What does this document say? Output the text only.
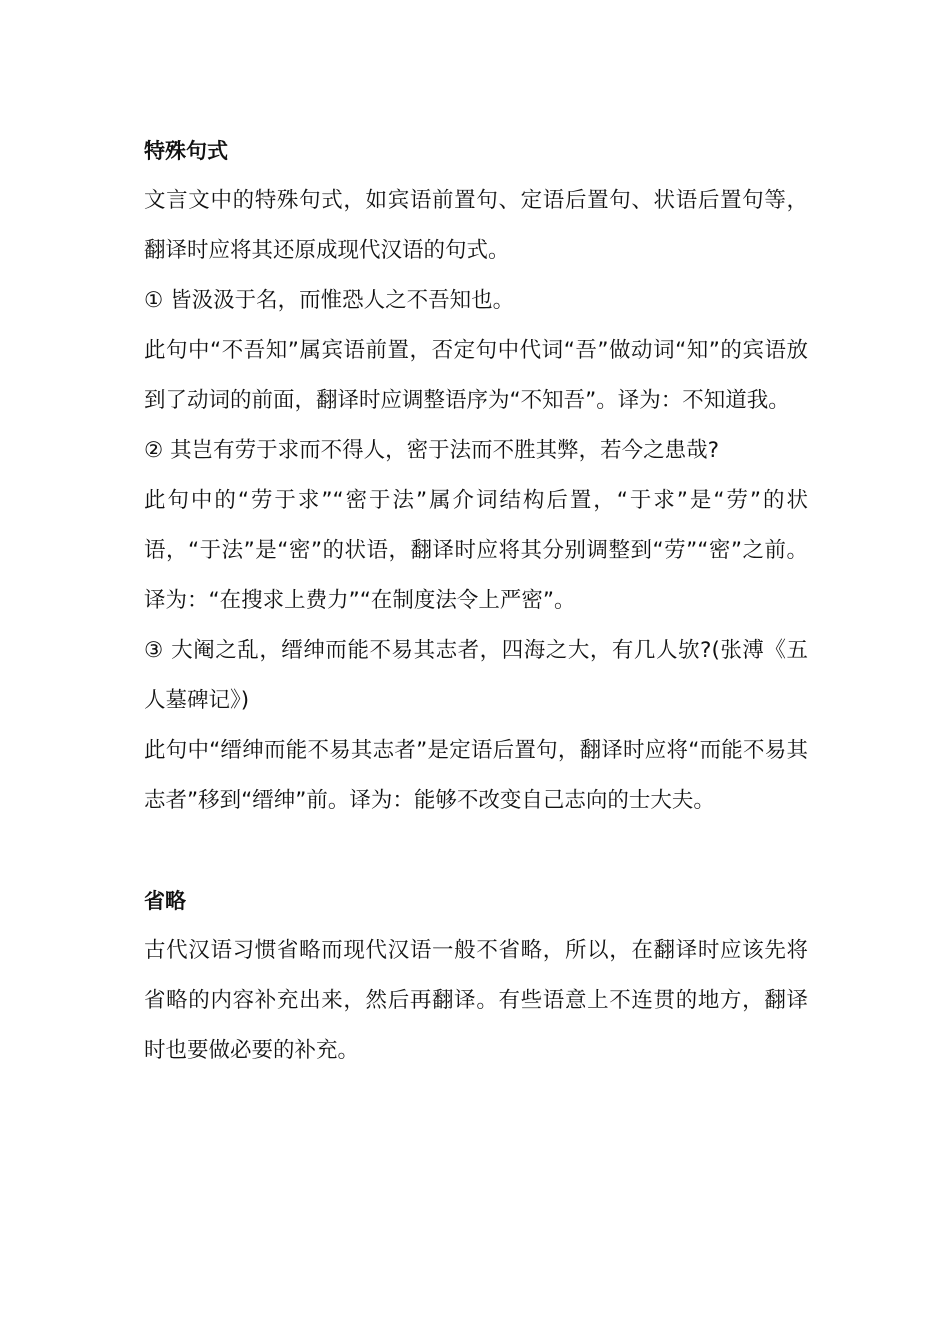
特殊句式

文言文中的特殊句式，如宾语前置句、定语后置句、状语后置句等，翻译时应将其还原成现代汉语的句式。

① 皆汲汲于名，而惟恐人之不吾知也。

此句中“不吾知”属宾语前置，否定句中代词“吾”做动词“知”的宾语放到了动词的前面，翻译时应调整语序为“不知吾”。译为：不知道我。

② 其岂有劳于求而不得人，密于法而不胜其弊，若今之患哉?

此句中的“劳于求”“密于法”属介词结构后置，“于求”是“劳”的状语，“于法”是“密”的状语，翻译时应将其分别调整到“劳”“密”之前。译为：“在搜求上费力”“在制度法令上严密”。

③ 大阉之乱，缙绅而能不易其志者，四海之大，有几人欤?(张溥《五人墓碑记》)

此句中“缙绅而能不易其志者”是定语后置句，翻译时应将“而能不易其志者”移到“缙绅”前。译为：能够不改变自己志向的士大夫。

省略

古代汉语习惯省略而现代汉语一般不省略，所以，在翻译时应该先将省略的内容补充出来，然后再翻译。有些语意上不连贯的地方，翻译时也要做必要的补充。
